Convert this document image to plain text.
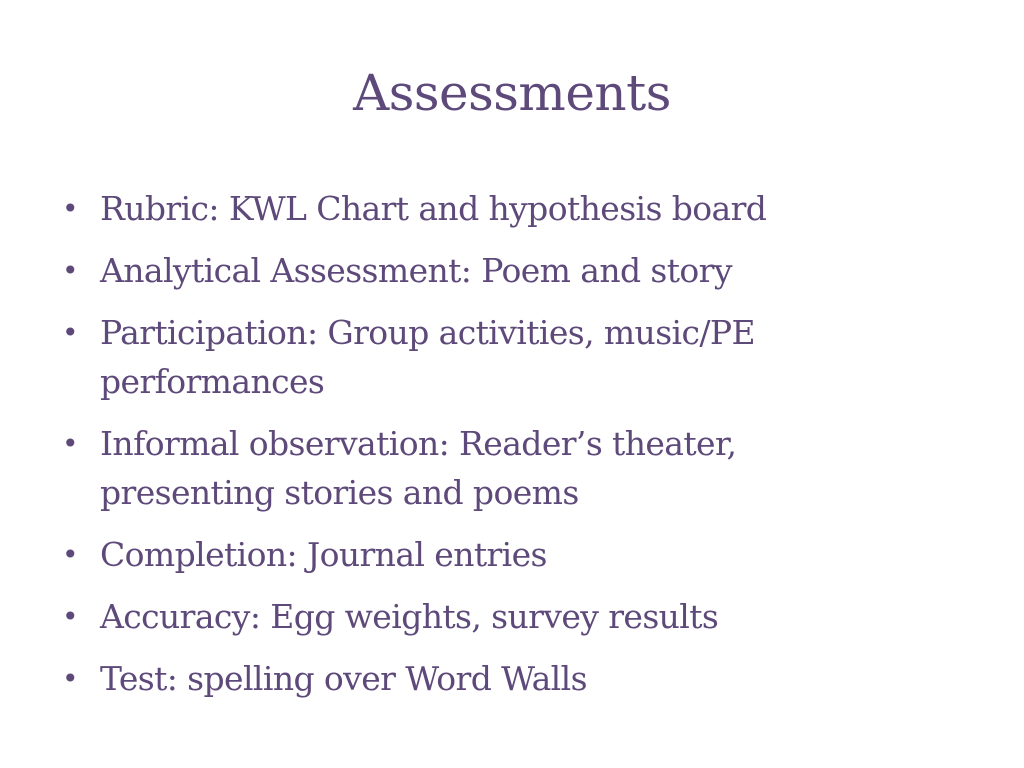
Assessments
• Rubric: KWL Chart and hypothesis board
• Analytical Assessment: Poem and story
• Participation: Group activities, music/PE performances
• Informal observation: Reader’s theater, presenting stories and poems
• Completion: Journal entries
• Accuracy: Egg weights, survey results
• Test: spelling over Word Walls
